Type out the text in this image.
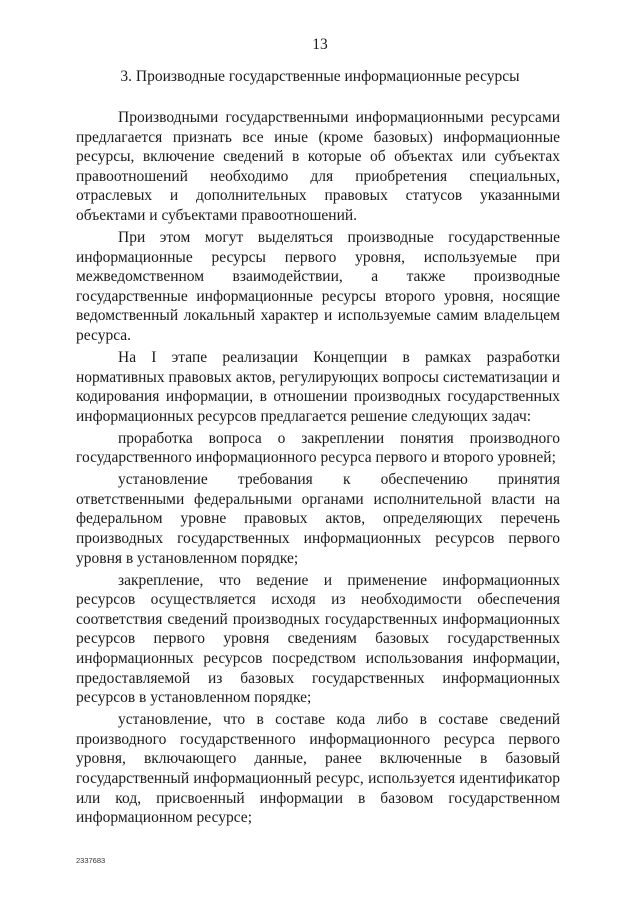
13
3. Производные государственные информационные ресурсы

Производными государственными информационными ресурсами предлагается признать все иные (кроме базовых) информационные ресурсы, включение сведений в которые об объектах или субъектах правоотношений необходимо для приобретения специальных, отраслевых и дополнительных правовых статусов указанными объектами и субъектами правоотношений.

При этом могут выделяться производные государственные информационные ресурсы первого уровня, используемые при межведомственном взаимодействии, а также производные государственные информационные ресурсы второго уровня, носящие ведомственный локальный характер и используемые самим владельцем ресурса.

На I этапе реализации Концепции в рамках разработки нормативных правовых актов, регулирующих вопросы систематизации и кодирования информации, в отношении производных государственных информационных ресурсов предлагается решение следующих задач:

проработка вопроса о закреплении понятия производного государственного информационного ресурса первого и второго уровней;

установление требования к обеспечению принятия ответственными федеральными органами исполнительной власти на федеральном уровне правовых актов, определяющих перечень производных государственных информационных ресурсов первого уровня в установленном порядке;

закрепление, что ведение и применение информационных ресурсов осуществляется исходя из необходимости обеспечения соответствия сведений производных государственных информационных ресурсов первого уровня сведениям базовых государственных информационных ресурсов посредством использования информации, предоставляемой из базовых государственных информационных ресурсов в установленном порядке;

установление, что в составе кода либо в составе сведений производного государственного информационного ресурса первого уровня, включающего данные, ранее включенные в базовый государственный информационный ресурс, используется идентификатор или код, присвоенный информации в базовом государственном информационном ресурсе;

2337683
